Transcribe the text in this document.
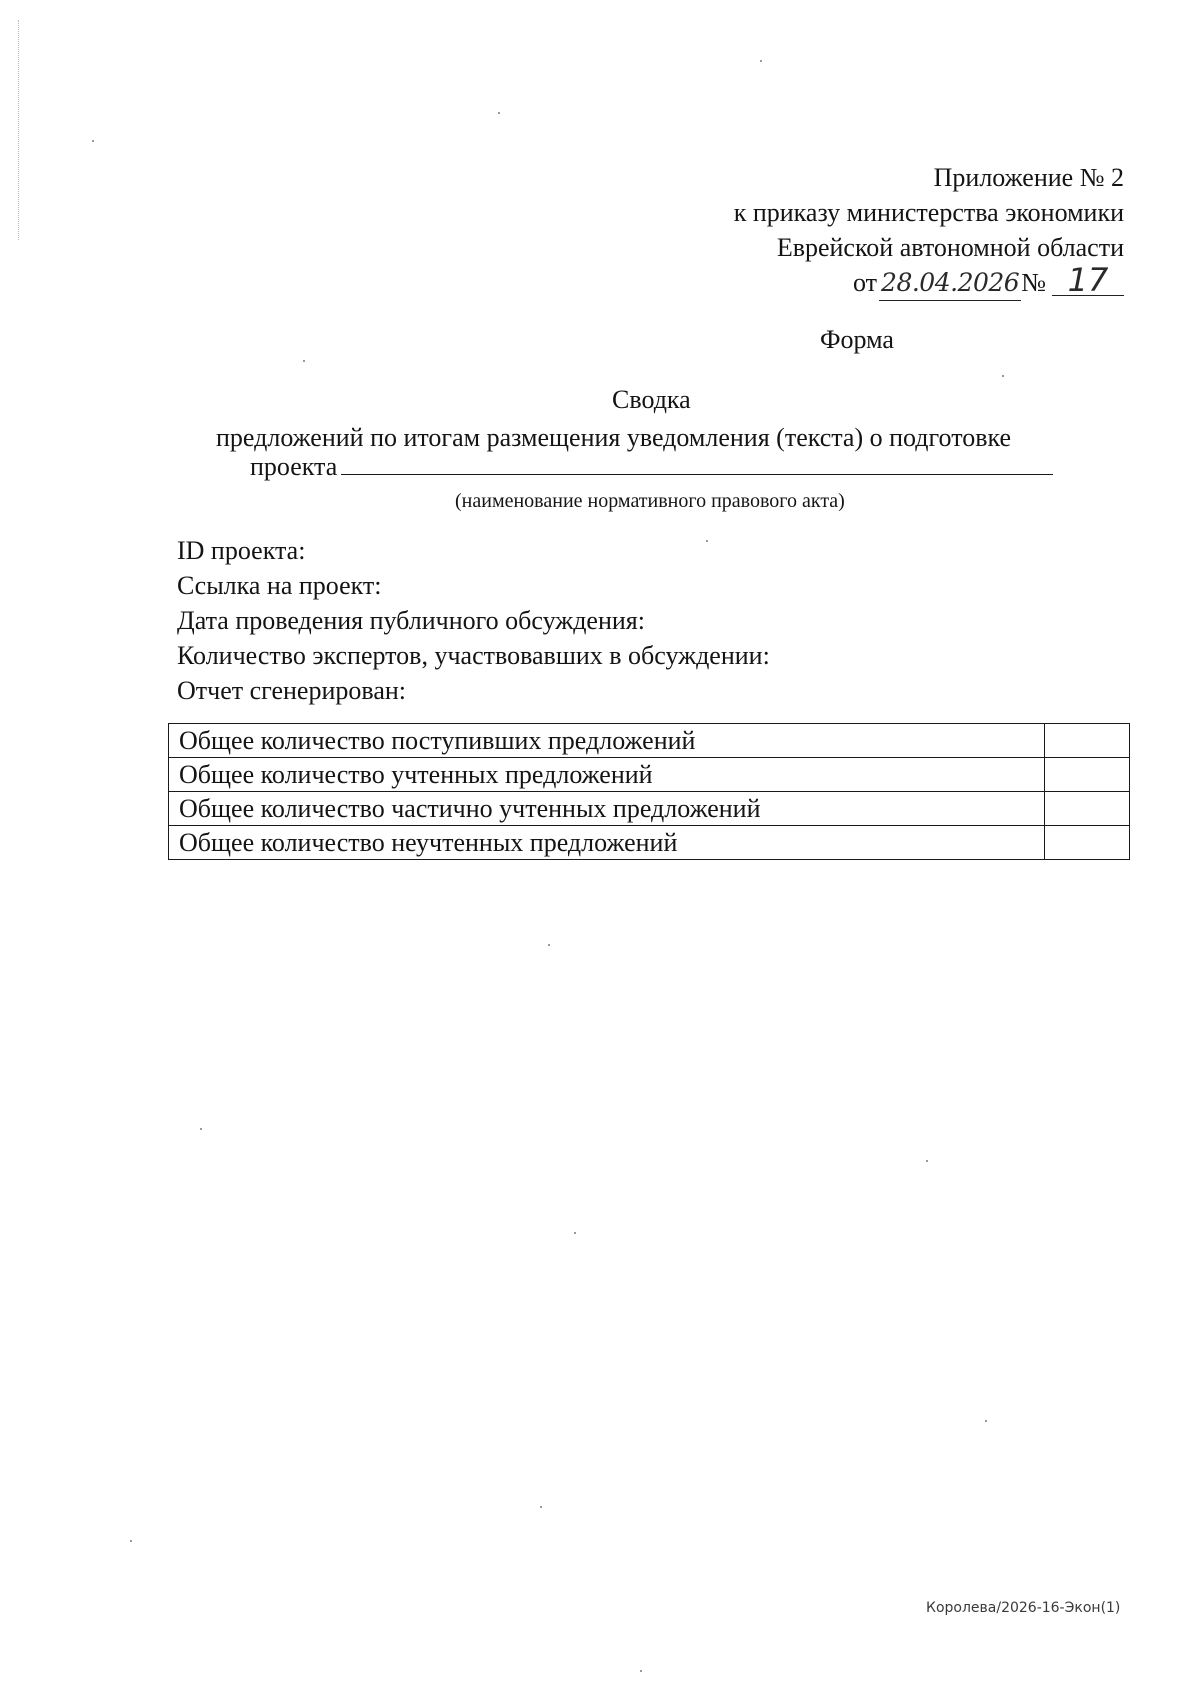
Приложение № 2
к приказу министерства экономики
Еврейской автономной области
от 28.04.2026№ 17
Форма
Сводка
предложений по итогам размещения уведомления (текста) о подготовке
проекта
(наименование нормативного правового акта)
ID проекта:
Ссылка на проект:
Дата проведения публичного обсуждения:
Количество экспертов, участвовавших в обсуждении:
Отчет сгенерирован:
Общее количество поступивших предложений	
Общее количество учтенных предложений	
Общее количество частично учтенных предложений	
Общее количество неучтенных предложений	
Королева/2026-16-Экон(1)
